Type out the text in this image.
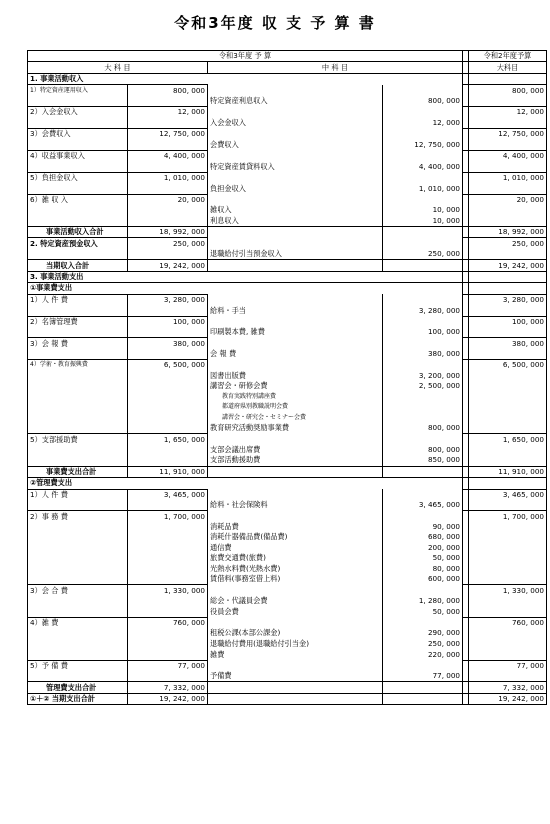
令和3年度 収 支 予 算 書
令和3年度 予 算					令和2年度予算
大 科 目		中 科 目			大科目
1. 事業活動収入					
1）特定資産運用収入	800, 000				800, 000
		特定資産利息収入	800, 000		
2）入会金収入	12, 000				12, 000
		入会金収入	12, 000		
3）会費収入	12, 750, 000				12, 750, 000
		会費収入	12, 750, 000		
4）収益事業収入	4, 400, 000				4, 400, 000
		特定資産賃貸料収入	4, 400, 000		
5）負担金収入	1, 010, 000				1, 010, 000
		負担金収入	1, 010, 000		
6）雑 収 入	20, 000				20, 000
		雑収入	10, 000		
		利息収入	10, 000		
事業活動収入合計	18, 992, 000				18, 992, 000
2. 特定資産預金収入	250, 000				250, 000
		退職給付引当預金収入	250, 000		
当期収入合計	19, 242, 000				19, 242, 000
3. 事業活動支出					
①事業費支出					
1）人 件 費	3, 280, 000				3, 280, 000
		給料・手当	3, 280, 000		
2）名簿管理費	100, 000				100, 000
		印刷製本費, 雑費	100, 000		
3）会 報 費	380, 000				380, 000
		会 報 費	380, 000		
4）学術・教育振興費	6, 500, 000				6, 500, 000
		図書出版費	3, 200, 000		
		講習会・研修会費	2, 500, 000		
		教育実践特別講座費			
		都道府県別教職説明会費			
		講習会・研究会・セミナー会費			
		教育研究活動奨励事業費	800, 000		
5）支部援助費	1, 650, 000				1, 650, 000
		支部会議出席費	800, 000		
		支部活動援助費	850, 000		
事業費支出合計	11, 910, 000				11, 910, 000
②管理費支出					
1）人 件 費	3, 465, 000				3, 465, 000
		給料・社会保険料	3, 465, 000		
2）事 務 費	1, 700, 000				1, 700, 000
		消耗品費	90, 000		
		消耗什器備品費(備品費)	680, 000		
		通信費	200, 000		
		旅費交通費(旅費)	50, 000		
		光熱水料費(光熱水費)	80, 000		
		賃借料(事務室借上料)	600, 000		
3）会 合 費	1, 330, 000				1, 330, 000
		総会・代議員会費	1, 280, 000		
		役員会費	50, 000		
4）雑 費	760, 000				760, 000
		租税公課(本部公課金)	290, 000		
		退職給付費用(退職給付引当金)	250, 000		
		雑費	220, 000		
5）予 備 費	77, 000				77, 000
		予備費	77, 000		
管理費支出合計	7, 332, 000				7, 332, 000
①＋② 当期支出合計	19, 242, 000				19, 242, 000
